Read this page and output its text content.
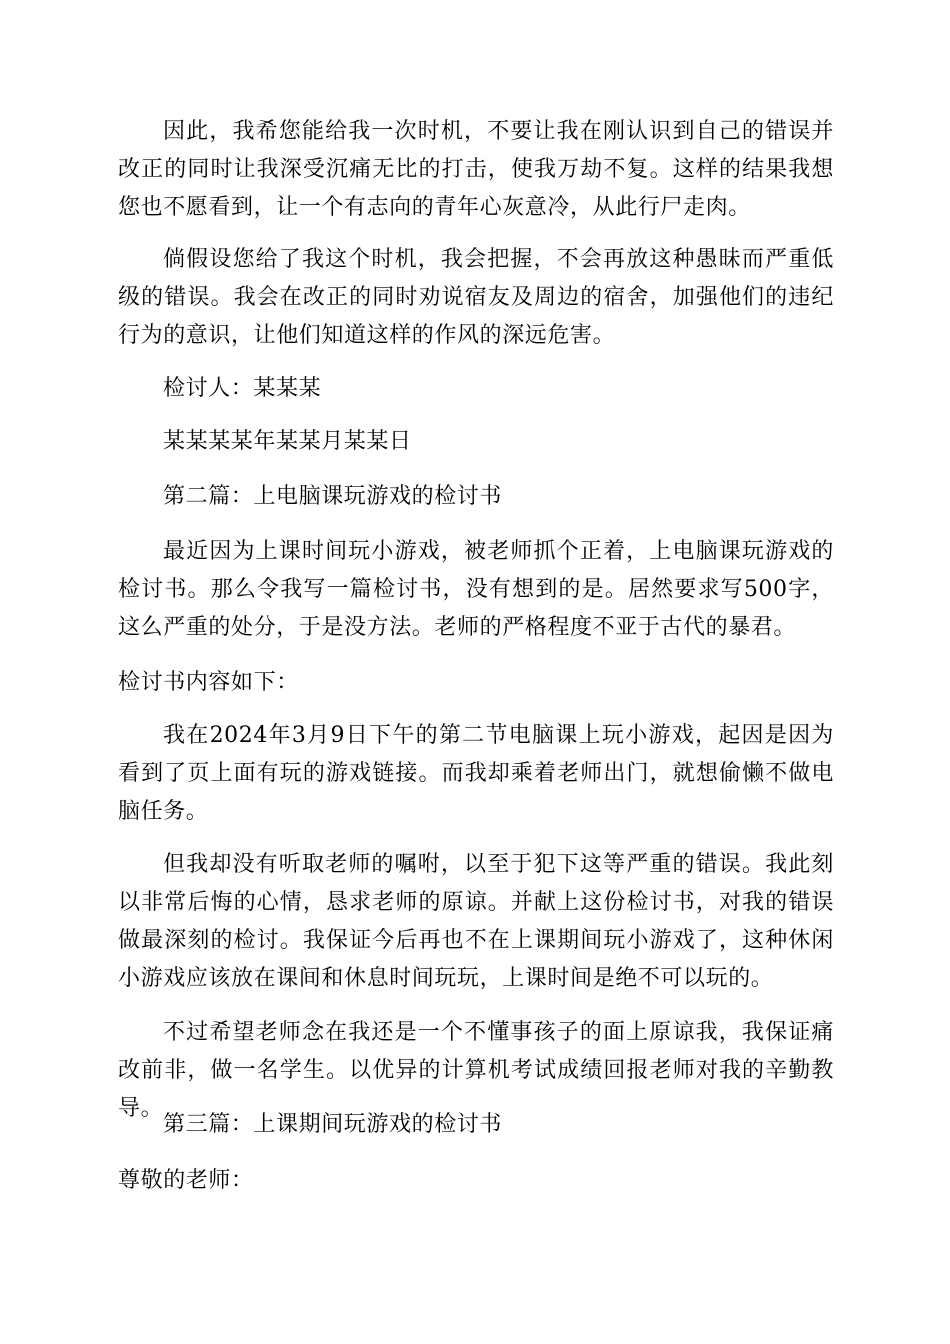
因此，我希您能给我一次时机，不要让我在刚认识到自己的错误并改正的同时让我深受沉痛无比的打击，使我万劫不复。这样的结果我想您也不愿看到，让一个有志向的青年心灰意冷，从此行尸走肉。

倘假设您给了我这个时机，我会把握，不会再放这种愚昧而严重低级的错误。我会在改正的同时劝说宿友及周边的宿舍，加强他们的违纪行为的意识，让他们知道这样的作风的深远危害。

检讨人：某某某

某某某某年某某月某某日

第二篇：上电脑课玩游戏的检讨书

最近因为上课时间玩小游戏，被老师抓个正着，上电脑课玩游戏的检讨书。那么令我写一篇检讨书，没有想到的是。居然要求写500字，这么严重的处分，于是没方法。老师的严格程度不亚于古代的暴君。

检讨书内容如下：

我在2024年3月9日下午的第二节电脑课上玩小游戏，起因是因为看到了页上面有玩的游戏链接。而我却乘着老师出门，就想偷懒不做电脑任务。

但我却没有听取老师的嘱咐，以至于犯下这等严重的错误。我此刻以非常后悔的心情，恳求老师的原谅。并献上这份检讨书，对我的错误做最深刻的检讨。我保证今后再也不在上课期间玩小游戏了，这种休闲小游戏应该放在课间和休息时间玩玩，上课时间是绝不可以玩的。

不过希望老师念在我还是一个不懂事孩子的面上原谅我，我保证痛改前非，做一名学生。以优异的计算机考试成绩回报老师对我的辛勤教导。

第三篇：上课期间玩游戏的检讨书

尊敬的老师：
